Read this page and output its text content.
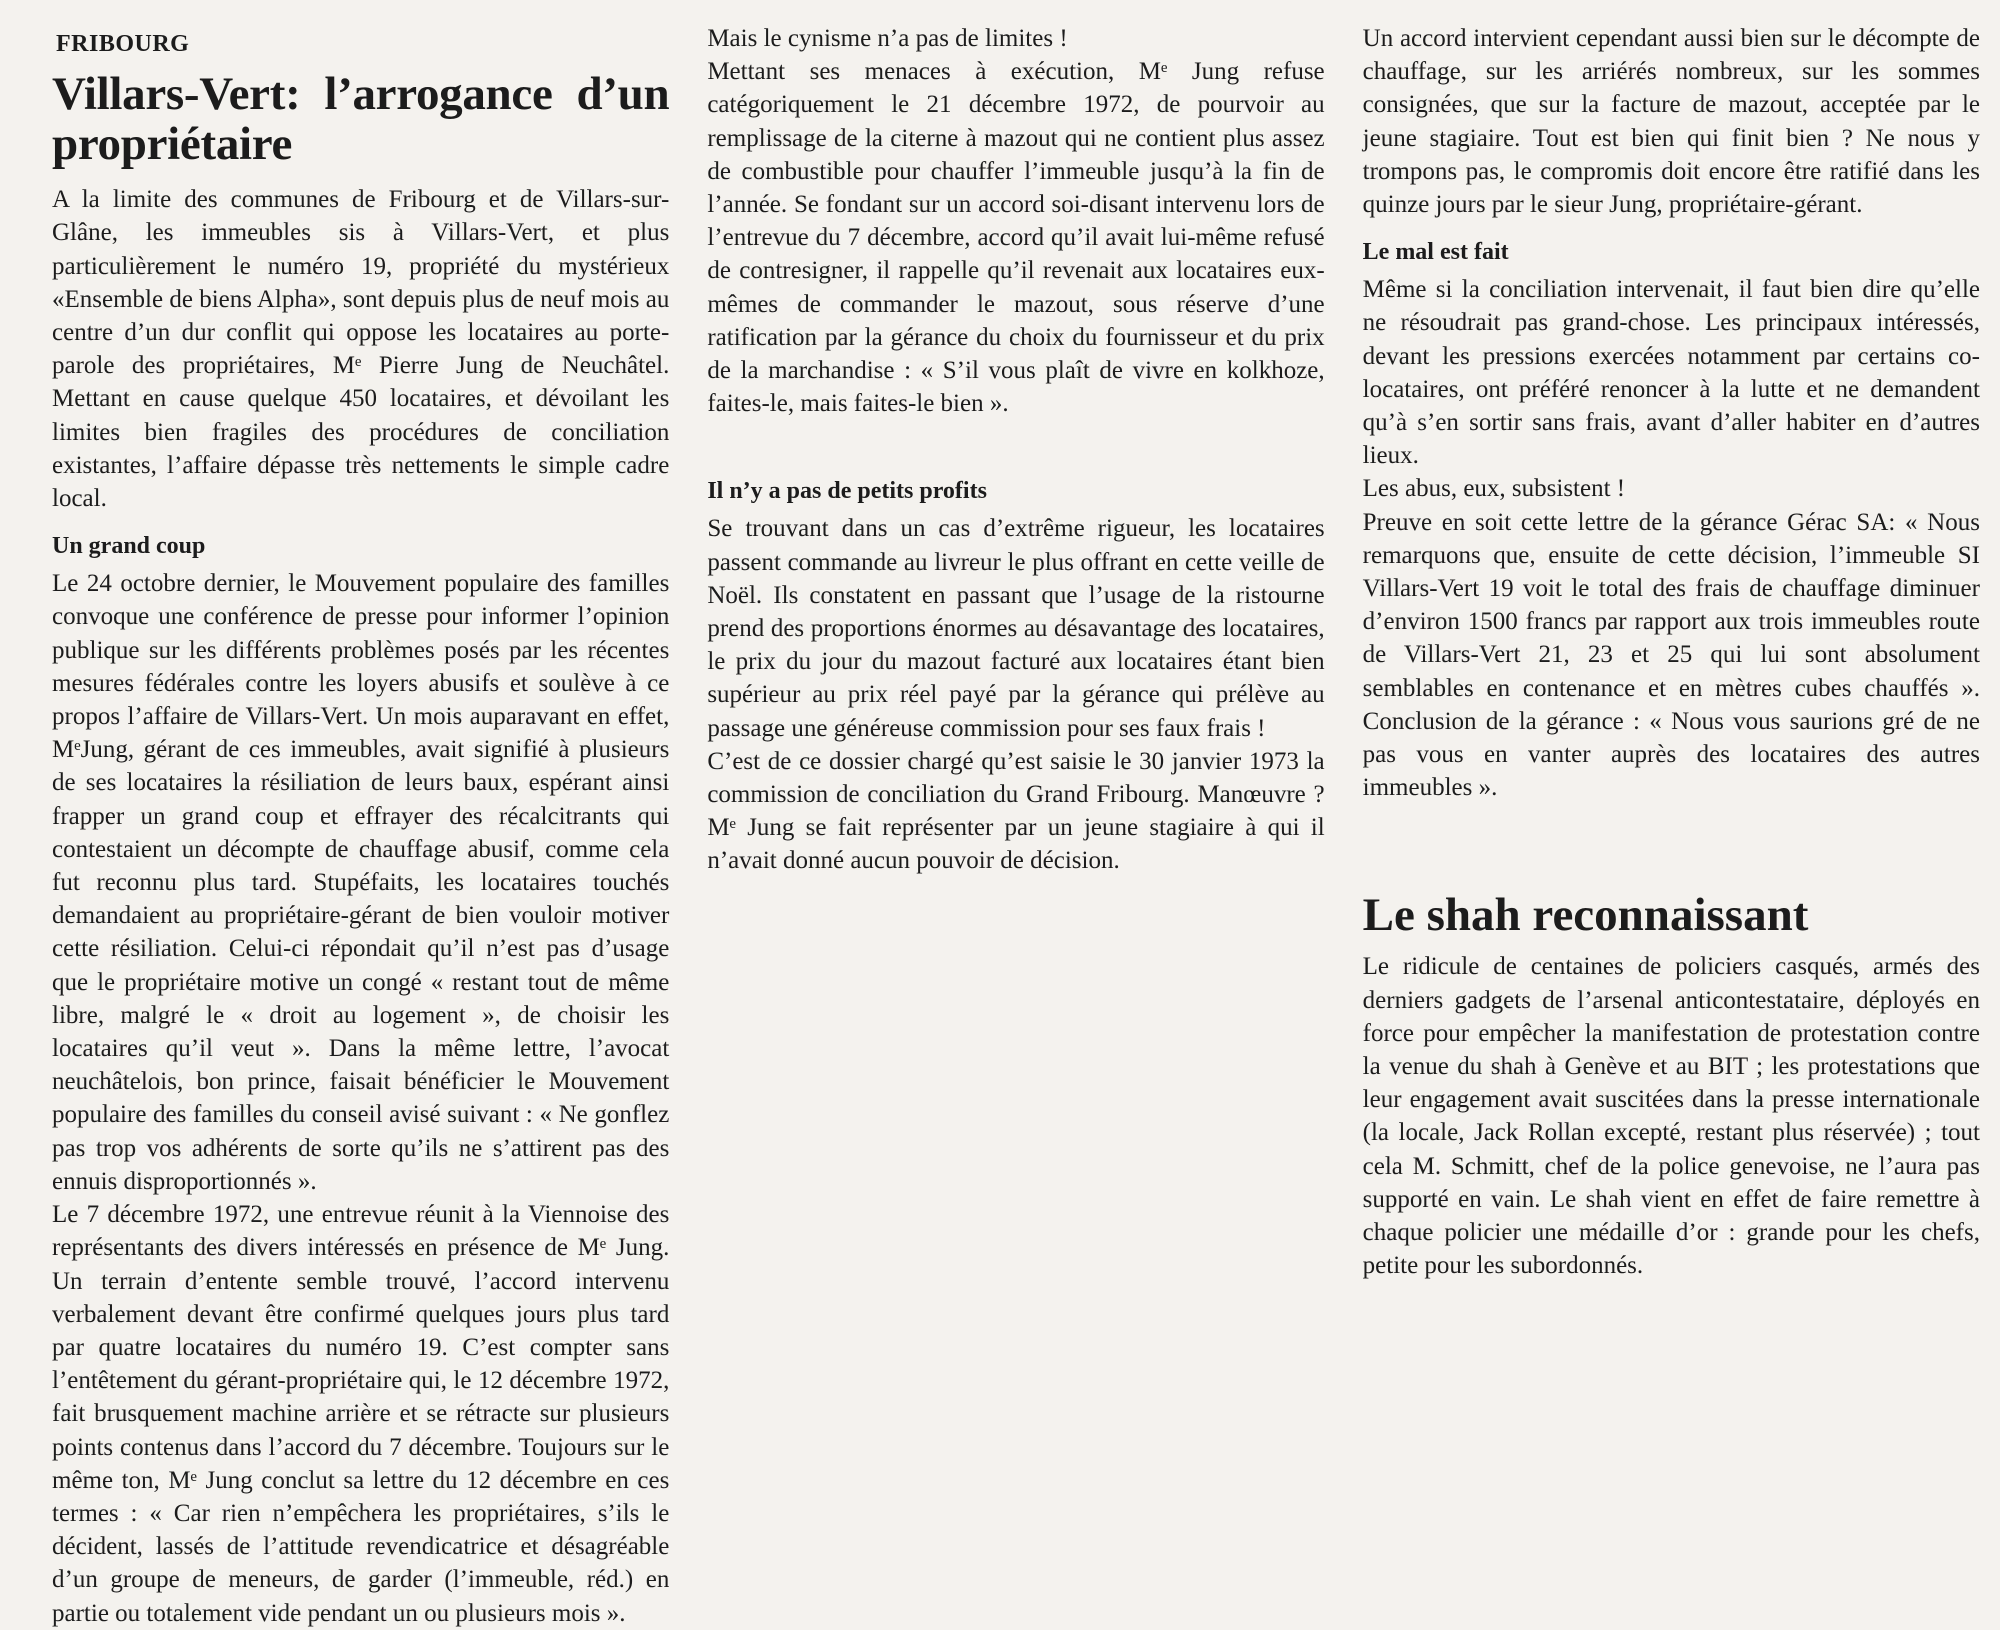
FRIBOURG
Villars-Vert: l’arrogance d’un propriétaire

A la limite des communes de Fribourg et de Villars-sur-Glâne, les immeubles sis à Villars-Vert, et plus particulièrement le numéro 19, propriété du mystérieux «Ensemble de biens Alpha», sont depuis plus de neuf mois au centre d’un dur conflit qui oppose les locataires au porte-parole des propriétaires, Mᵉ Pierre Jung de Neuchâtel. Mettant en cause quelque 450 locataires, et dévoilant les limites bien fragiles des procédures de conciliation existantes, l’affaire dépasse très nettements le simple cadre local.

Un grand coup

Le 24 octobre dernier, le Mouvement populaire des familles convoque une conférence de presse pour informer l’opinion publique sur les différents problèmes posés par les récentes mesures fédérales contre les loyers abusifs et soulève à ce propos l’affaire de Villars-Vert. Un mois auparavant en effet, MᵉJung, gérant de ces immeubles, avait signifié à plusieurs de ses locataires la résiliation de leurs baux, espérant ainsi frapper un grand coup et effrayer des récalcitrants qui contestaient un décompte de chauffage abusif, comme cela fut reconnu plus tard. Stupéfaits, les locataires touchés demandaient au propriétaire-gérant de bien vouloir motiver cette résiliation. Celui-ci répondait qu’il n’est pas d’usage que le propriétaire motive un congé « restant tout de même libre, malgré le « droit au logement », de choisir les locataires qu’il veut ». Dans la même lettre, l’avocat neuchâtelois, bon prince, faisait bénéficier le Mouvement populaire des familles du conseil avisé suivant : « Ne gonflez pas trop vos adhérents de sorte qu’ils ne s’attirent pas des ennuis disproportionnés ».

Le 7 décembre 1972, une entrevue réunit à la Viennoise des représentants des divers intéressés en présence de Mᵉ Jung. Un terrain d’entente semble trouvé, l’accord intervenu verbalement devant être confirmé quelques jours plus tard par quatre locataires du numéro 19. C’est compter sans l’entêtement du gérant-propriétaire qui, le 12 décembre 1972, fait brusquement machine arrière et se rétracte sur plusieurs points contenus dans l’accord du 7 décembre. Toujours sur le même ton, Mᵉ Jung conclut sa lettre du 12 décembre en ces termes : « Car rien n’empêchera les propriétaires, s’ils le décident, lassés de l’attitude revendicatrice et désagréable d’un groupe de meneurs, de garder (l’immeuble, réd.) en partie ou totalement vide pendant un ou plusieurs mois ».

Mais le cynisme n’a pas de limites !

Mettant ses menaces à exécution, Mᵉ Jung refuse catégoriquement le 21 décembre 1972, de pourvoir au remplissage de la citerne à mazout qui ne contient plus assez de combustible pour chauffer l’immeuble jusqu’à la fin de l’année. Se fondant sur un accord soi-disant intervenu lors de l’entrevue du 7 décembre, accord qu’il avait lui-même refusé de contresigner, il rappelle qu’il revenait aux locataires eux-mêmes de commander le mazout, sous réserve d’une ratification par la gérance du choix du fournisseur et du prix de la marchandise : « S’il vous plaît de vivre en kolkhoze, faites-le, mais faites-le bien ».

Il n’y a pas de petits profits

Se trouvant dans un cas d’extrême rigueur, les locataires passent commande au livreur le plus offrant en cette veille de Noël. Ils constatent en passant que l’usage de la ristourne prend des proportions énormes au désavantage des locataires, le prix du jour du mazout facturé aux locataires étant bien supérieur au prix réel payé par la gérance qui prélève au passage une généreuse commission pour ses faux frais !

C’est de ce dossier chargé qu’est saisie le 30 janvier 1973 la commission de conciliation du Grand Fribourg. Manœuvre ? Mᵉ Jung se fait représenter par un jeune stagiaire à qui il n’avait donné aucun pouvoir de décision.

Un accord intervient cependant aussi bien sur le décompte de chauffage, sur les arriérés nombreux, sur les sommes consignées, que sur la facture de mazout, acceptée par le jeune stagiaire. Tout est bien qui finit bien ? Ne nous y trompons pas, le compromis doit encore être ratifié dans les quinze jours par le sieur Jung, propriétaire-gérant.

Le mal est fait

Même si la conciliation intervenait, il faut bien dire qu’elle ne résoudrait pas grand-chose. Les principaux intéressés, devant les pressions exercées notamment par certains co-locataires, ont préféré renoncer à la lutte et ne demandent qu’à s’en sortir sans frais, avant d’aller habiter en d’autres lieux.

Les abus, eux, subsistent !

Preuve en soit cette lettre de la gérance Gérac SA: « Nous remarquons que, ensuite de cette décision, l’immeuble SI Villars-Vert 19 voit le total des frais de chauffage diminuer d’environ 1500 francs par rapport aux trois immeubles route de Villars-Vert 21, 23 et 25 qui lui sont absolument semblables en contenance et en mètres cubes chauffés ». Conclusion de la gérance : « Nous vous saurions gré de ne pas vous en vanter auprès des locataires des autres immeubles ».

Le shah reconnaissant

Le ridicule de centaines de policiers casqués, armés des derniers gadgets de l’arsenal anticontestataire, déployés en force pour empêcher la manifestation de protestation contre la venue du shah à Genève et au BIT ; les protestations que leur engagement avait suscitées dans la presse internationale (la locale, Jack Rollan excepté, restant plus réservée) ; tout cela M. Schmitt, chef de la police genevoise, ne l’aura pas supporté en vain. Le shah vient en effet de faire remettre à chaque policier une médaille d’or : grande pour les chefs, petite pour les subordonnés.
